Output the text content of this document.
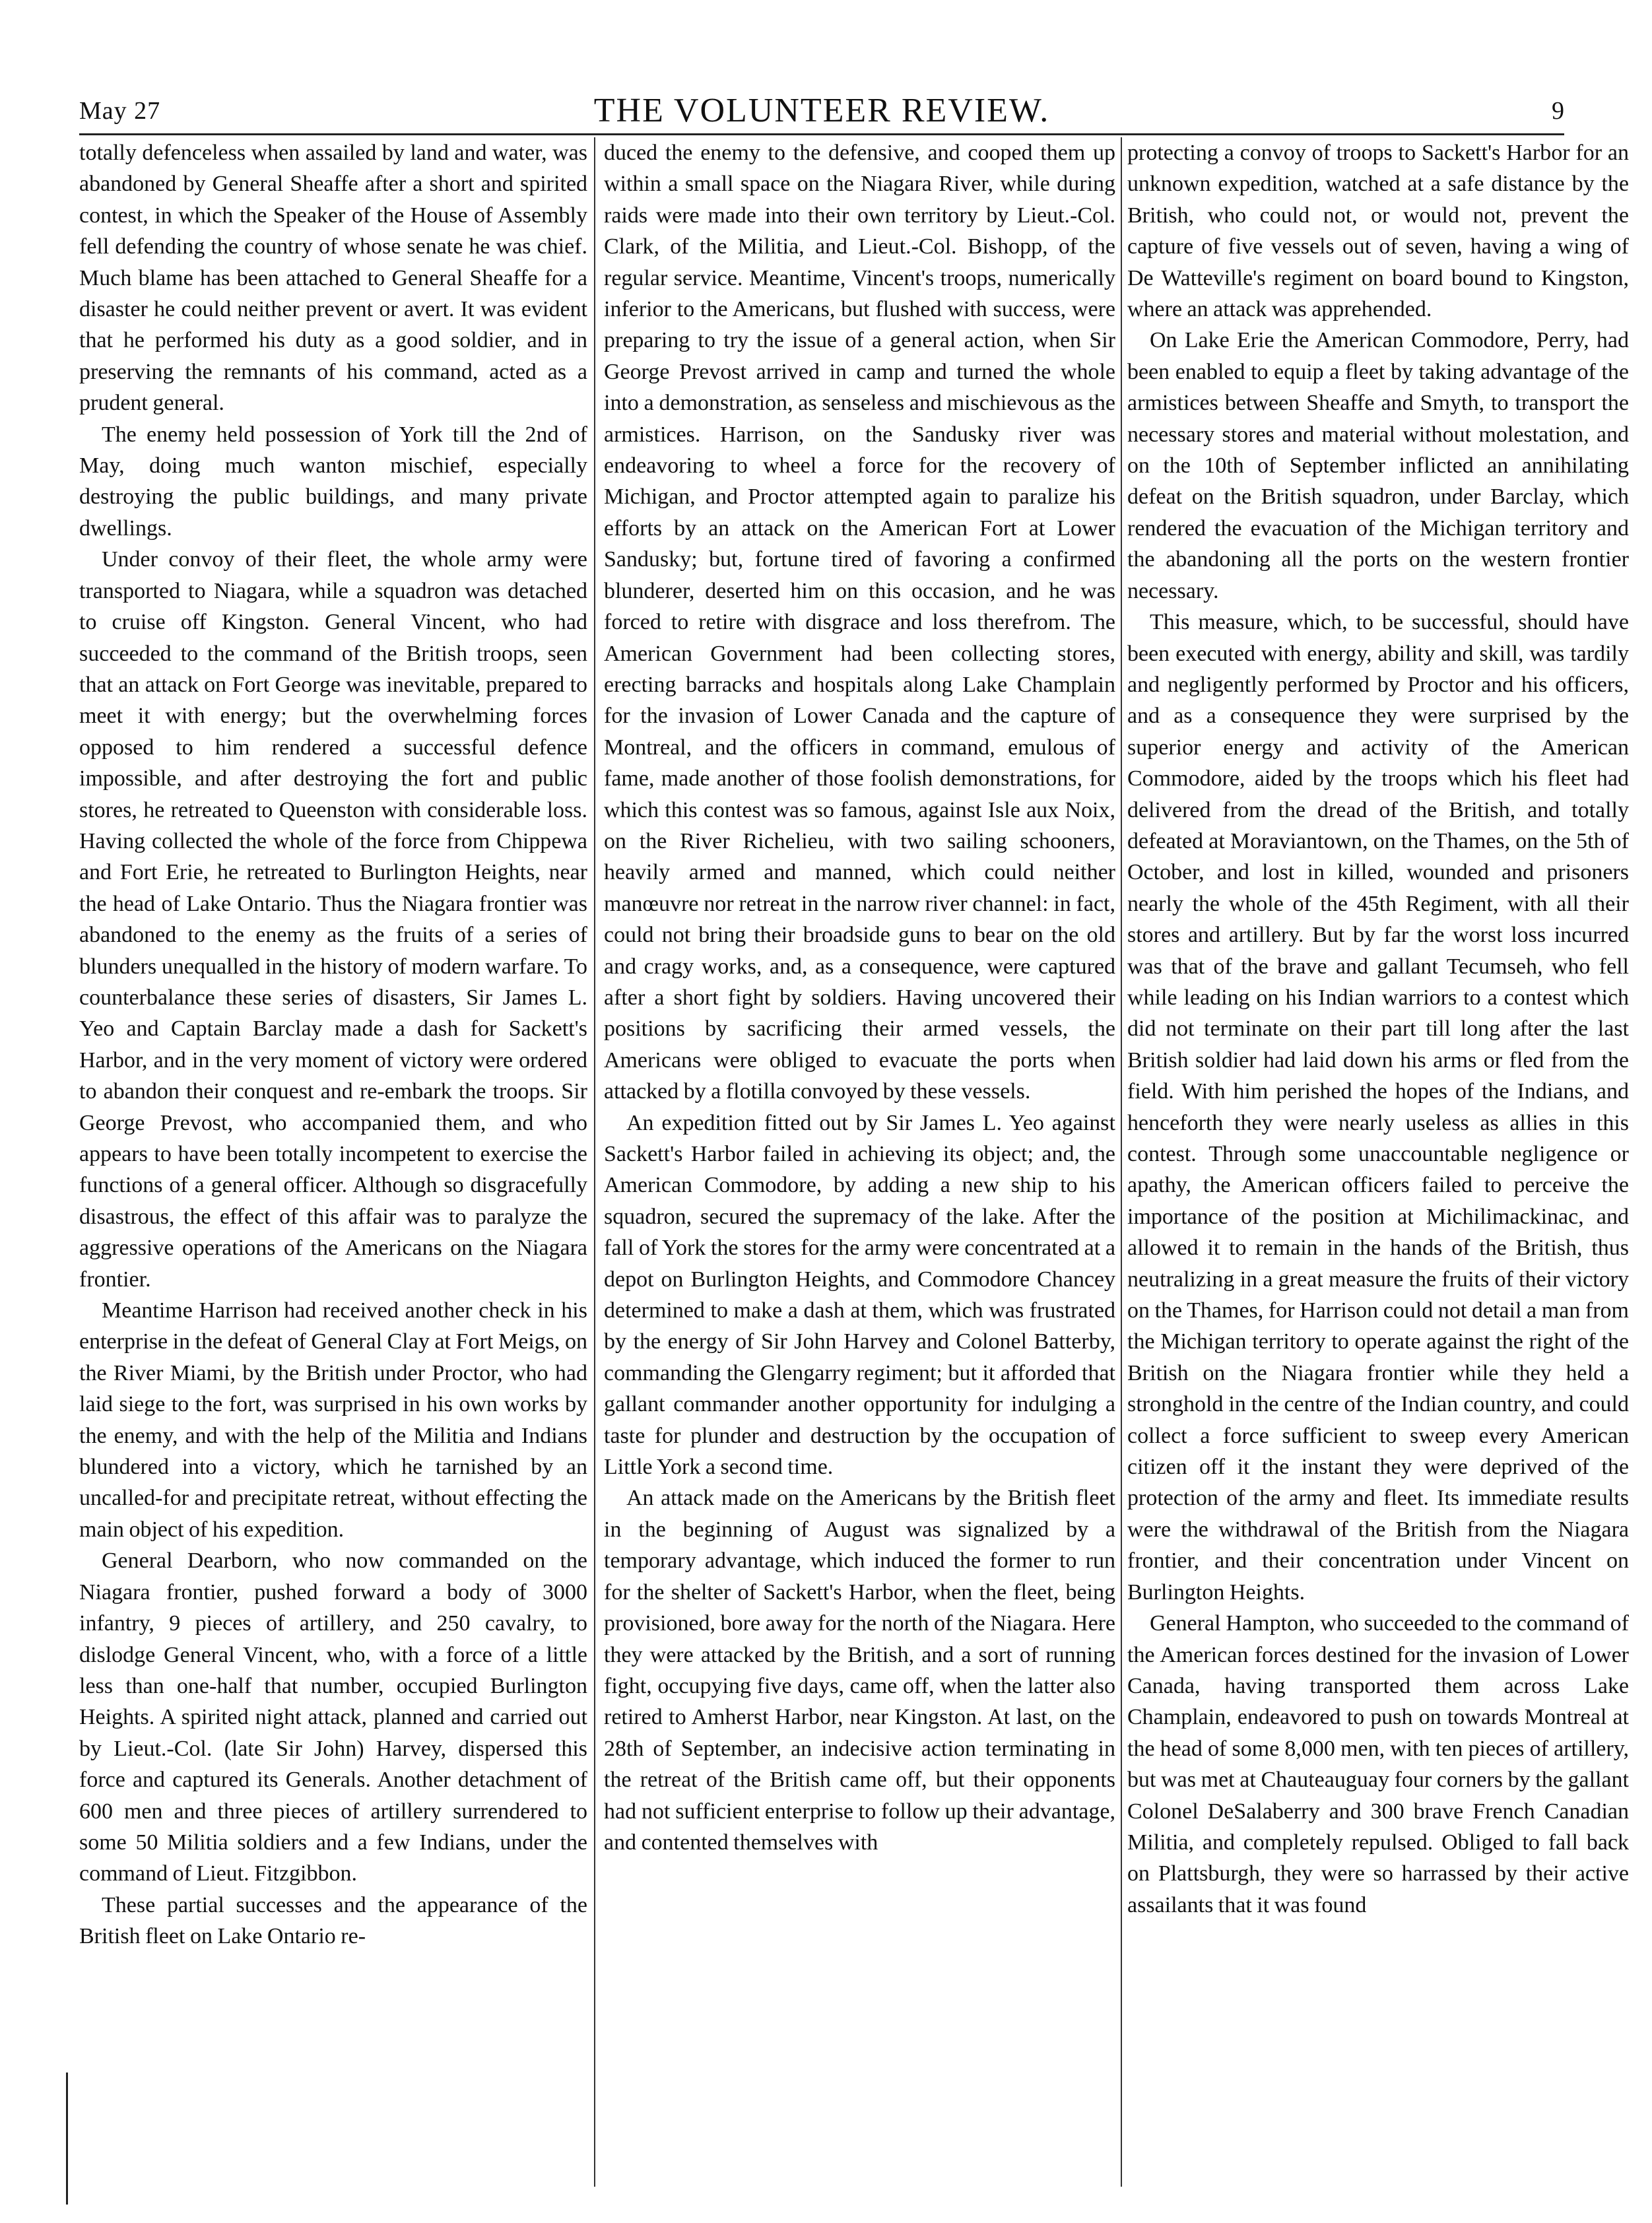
May 27	THE VOLUNTEER REVIEW.	9

totally defenceless when assailed by land and water, was abandoned by General Sheaffe after a short and spirited contest, in which the Speaker of the House of Assembly fell defending the country of whose senate he was chief. Much blame has been attached to General Sheaffe for a disaster he could neither prevent or avert. It was evident that he performed his duty as a good soldier, and in preserving the remnants of his command, acted as a prudent general.

The enemy held possession of York till the 2nd of May, doing much wanton mischief, especially destroying the public buildings, and many private dwellings.

Under convoy of their fleet, the whole army were transported to Niagara, while a squadron was detached to cruise off Kingston. General Vincent, who had succeeded to the command of the British troops, seen that an attack on Fort George was inevitable, prepared to meet it with energy; but the overwhelming forces opposed to him rendered a successful defence impossible, and after destroying the fort and public stores, he retreated to Queenston with considerable loss. Having collected the whole of the force from Chippewa and Fort Erie, he retreated to Burlington Heights, near the head of Lake Ontario. Thus the Niagara frontier was abandoned to the enemy as the fruits of a series of blunders unequalled in the history of modern warfare. To counterbalance these series of disasters, Sir James L. Yeo and Captain Barclay made a dash for Sackett's Harbor, and in the very moment of victory were ordered to abandon their conquest and re-embark the troops. Sir George Prevost, who accompanied them, and who appears to have been totally incompetent to exercise the functions of a general officer. Although so disgracefully disastrous, the effect of this affair was to paralyze the aggressive operations of the Americans on the Niagara frontier.

Meantime Harrison had received another check in his enterprise in the defeat of General Clay at Fort Meigs, on the River Miami, by the British under Proctor, who had laid siege to the fort, was surprised in his own works by the enemy, and with the help of the Militia and Indians blundered into a victory, which he tarnished by an uncalled-for and precipitate retreat, without effecting the main object of his expedition.

General Dearborn, who now commanded on the Niagara frontier, pushed forward a body of 3000 infantry, 9 pieces of artillery, and 250 cavalry, to dislodge General Vincent, who, with a force of a little less than one-half that number, occupied Burlington Heights. A spirited night attack, planned and carried out by Lieut.-Col. (late Sir John) Harvey, dispersed this force and captured its Generals. Another detachment of 600 men and three pieces of artillery surrendered to some 50 Militia soldiers and a few Indians, under the command of Lieut. Fitzgibbon.

These partial successes and the appearance of the British fleet on Lake Ontario re-

duced the enemy to the defensive, and cooped them up within a small space on the Niagara River, while during raids were made into their own territory by Lieut.-Col. Clark, of the Militia, and Lieut.-Col. Bishopp, of the regular service. Meantime, Vincent's troops, numerically inferior to the Americans, but flushed with success, were preparing to try the issue of a general action, when Sir George Prevost arrived in camp and turned the whole into a demonstration, as senseless and mischievous as the armistices. Harrison, on the Sandusky river was endeavoring to wheel a force for the recovery of Michigan, and Proctor attempted again to paralize his efforts by an attack on the American Fort at Lower Sandusky; but, fortune tired of favoring a confirmed blunderer, deserted him on this occasion, and he was forced to retire with disgrace and loss therefrom. The American Government had been collecting stores, erecting barracks and hospitals along Lake Champlain for the invasion of Lower Canada and the capture of Montreal, and the officers in command, emulous of fame, made another of those foolish demonstrations, for which this contest was so famous, against Isle aux Noix, on the River Richelieu, with two sailing schooners, heavily armed and manned, which could neither manœuvre nor retreat in the narrow river channel: in fact, could not bring their broadside guns to bear on the old and cragy works, and, as a consequence, were captured after a short fight by soldiers. Having uncovered their positions by sacrificing their armed vessels, the Americans were obliged to evacuate the ports when attacked by a flotilla convoyed by these vessels.

An expedition fitted out by Sir James L. Yeo against Sackett's Harbor failed in achieving its object; and, the American Commodore, by adding a new ship to his squadron, secured the supremacy of the lake. After the fall of York the stores for the army were concentrated at a depot on Burlington Heights, and Commodore Chancey determined to make a dash at them, which was frustrated by the energy of Sir John Harvey and Colonel Batterby, commanding the Glengarry regiment; but it afforded that gallant commander another opportunity for indulging a taste for plunder and destruction by the occupation of Little York a second time.

An attack made on the Americans by the British fleet in the beginning of August was signalized by a temporary advantage, which induced the former to run for the shelter of Sackett's Harbor, when the fleet, being provisioned, bore away for the north of the Niagara. Here they were attacked by the British, and a sort of running fight, occupying five days, came off, when the latter also retired to Amherst Harbor, near Kingston. At last, on the 28th of September, an indecisive action terminating in the retreat of the British came off, but their opponents had not sufficient enterprise to follow up their advantage, and contented themselves with

protecting a convoy of troops to Sackett's Harbor for an unknown expedition, watched at a safe distance by the British, who could not, or would not, prevent the capture of five vessels out of seven, having a wing of De Watteville's regiment on board bound to Kingston, where an attack was apprehended.

On Lake Erie the American Commodore, Perry, had been enabled to equip a fleet by taking advantage of the armistices between Sheaffe and Smyth, to transport the necessary stores and material without molestation, and on the 10th of September inflicted an annihilating defeat on the British squadron, under Barclay, which rendered the evacuation of the Michigan territory and the abandoning all the ports on the western frontier necessary.

This measure, which, to be successful, should have been executed with energy, ability and skill, was tardily and negligently performed by Proctor and his officers, and as a consequence they were surprised by the superior energy and activity of the American Commodore, aided by the troops which his fleet had delivered from the dread of the British, and totally defeated at Moraviantown, on the Thames, on the 5th of October, and lost in killed, wounded and prisoners nearly the whole of the 45th Regiment, with all their stores and artillery. But by far the worst loss incurred was that of the brave and gallant Tecumseh, who fell while leading on his Indian warriors to a contest which did not terminate on their part till long after the last British soldier had laid down his arms or fled from the field. With him perished the hopes of the Indians, and henceforth they were nearly useless as allies in this contest. Through some unaccountable negligence or apathy, the American officers failed to perceive the importance of the position at Michilimackinac, and allowed it to remain in the hands of the British, thus neutralizing in a great measure the fruits of their victory on the Thames, for Harrison could not detail a man from the Michigan territory to operate against the right of the British on the Niagara frontier while they held a stronghold in the centre of the Indian country, and could collect a force sufficient to sweep every American citizen off it the instant they were deprived of the protection of the army and fleet. Its immediate results were the withdrawal of the British from the Niagara frontier, and their concentration under Vincent on Burlington Heights.

General Hampton, who succeeded to the command of the American forces destined for the invasion of Lower Canada, having transported them across Lake Champlain, endeavored to push on towards Montreal at the head of some 8,000 men, with ten pieces of artillery, but was met at Chauteauguay four corners by the gallant Colonel DeSalaberry and 300 brave French Canadian Militia, and completely repulsed. Obliged to fall back on Plattsburgh, they were so harrassed by their active assailants that it was found
